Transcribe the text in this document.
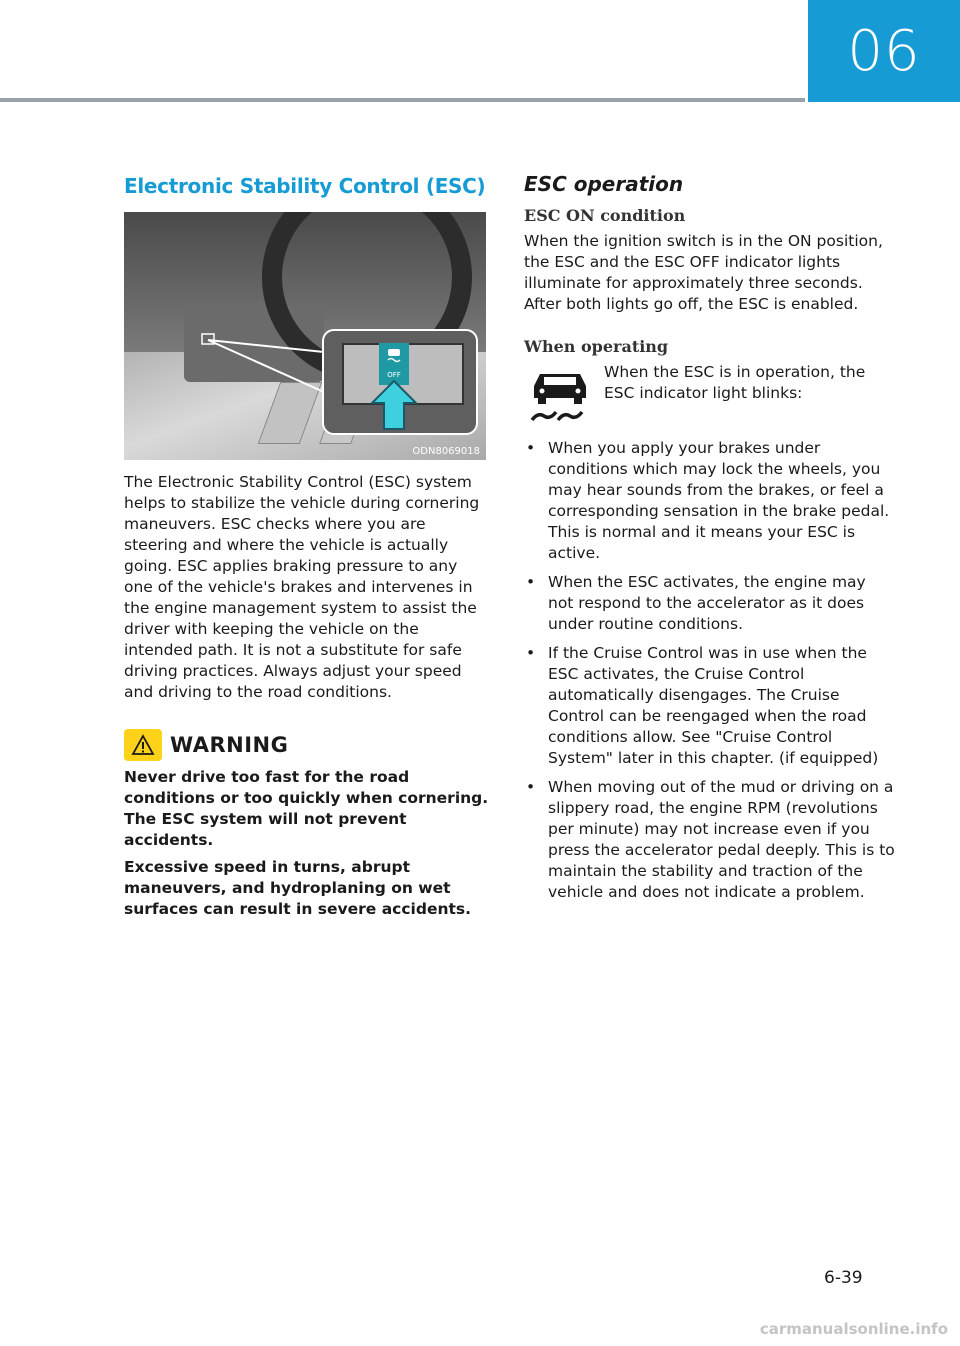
06
Electronic Stability Control (ESC)
OFF
ODN8069018

The Electronic Stability Control (ESC) system helps to stabilize the vehicle during cornering maneuvers. ESC checks where you are steering and where the vehicle is actually going. ESC applies braking pressure to any one of the vehicle's brakes and intervenes in the engine management system to assist the driver with keeping the vehicle on the intended path. It is not a substitute for safe driving practices. Always adjust your speed and driving to the road conditions.

WARNING

Never drive too fast for the road conditions or too quickly when cornering. The ESC system will not prevent accidents.

Excessive speed in turns, abrupt maneuvers, and hydroplaning on wet surfaces can result in severe accidents.

ESC operation
ESC ON condition

When the ignition switch is in the ON position, the ESC and the ESC OFF indicator lights illuminate for approximately three seconds. After both lights go off, the ESC is enabled.

When operating
When the ESC is in operation, the ESC indicator light blinks:
• When you apply your brakes under conditions which may lock the wheels, you may hear sounds from the brakes, or feel a corresponding sensation in the brake pedal. This is normal and it means your ESC is active.
• When the ESC activates, the engine may not respond to the accelerator as it does under routine conditions.
• If the Cruise Control was in use when the ESC activates, the Cruise Control automatically disengages. The Cruise Control can be reengaged when the road conditions allow. See "Cruise Control System" later in this chapter. (if equipped)
• When moving out of the mud or driving on a slippery road, the engine RPM (revolutions per minute) may not increase even if you press the accelerator pedal deeply. This is to maintain the stability and traction of the vehicle and does not indicate a problem.
6-39
carmanualsonline.info
